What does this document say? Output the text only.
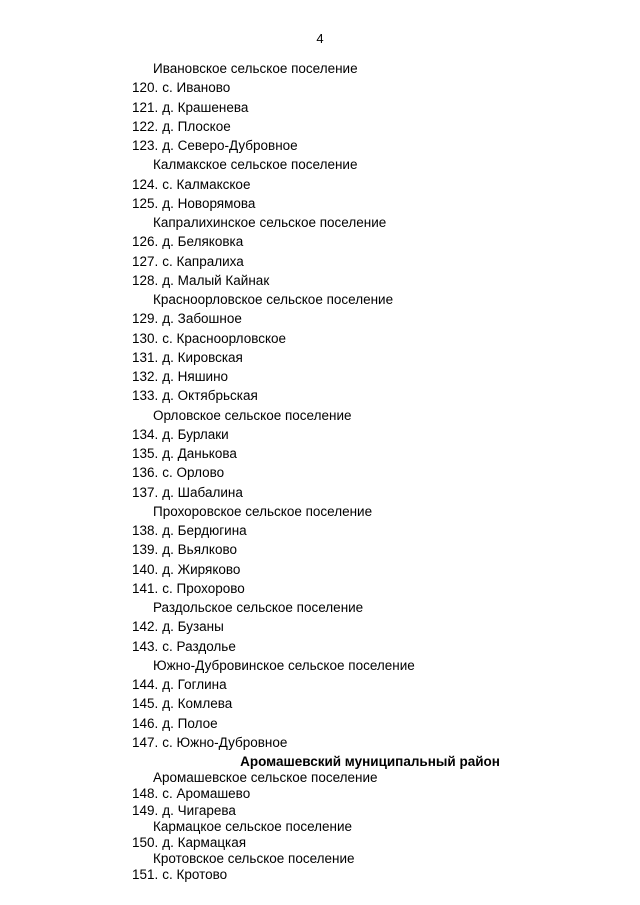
4

Ивановское сельское поселение
120. с. Иваново
121. д. Крашенева
122. д. Плоское
123. д. Северо-Дубровное
Калмакское сельское поселение
124. с. Калмакское
125. д. Новорямова
Капралихинское сельское поселение
126. д. Беляковка
127. с. Капралиха
128. д. Малый Кайнак
Красноорловское сельское поселение
129. д. Забошное
130. с. Красноорловское
131. д. Кировская
132. д. Няшино
133. д. Октябрьская
Орловское сельское поселение
134. д. Бурлаки
135. д. Данькова
136. с. Орлово
137. д. Шабалина
Прохоровское сельское поселение
138. д. Бердюгина
139. д. Вьялково
140. д. Жиряково
141. с. Прохорово
Раздольское сельское поселение
142. д. Бузаны
143. с. Раздолье
Южно-Дубровинское сельское поселение
144. д. Гоглина
145. д. Комлева
146. д. Полое
147. с. Южно-Дубровное
Аромашевский муниципальный район
Аромашевское сельское поселение
148. с. Аромашево
149. д. Чигарева
Кармацкое сельское поселение
150. д. Кармацкая
Кротовское сельское поселение
151. с. Кротово
